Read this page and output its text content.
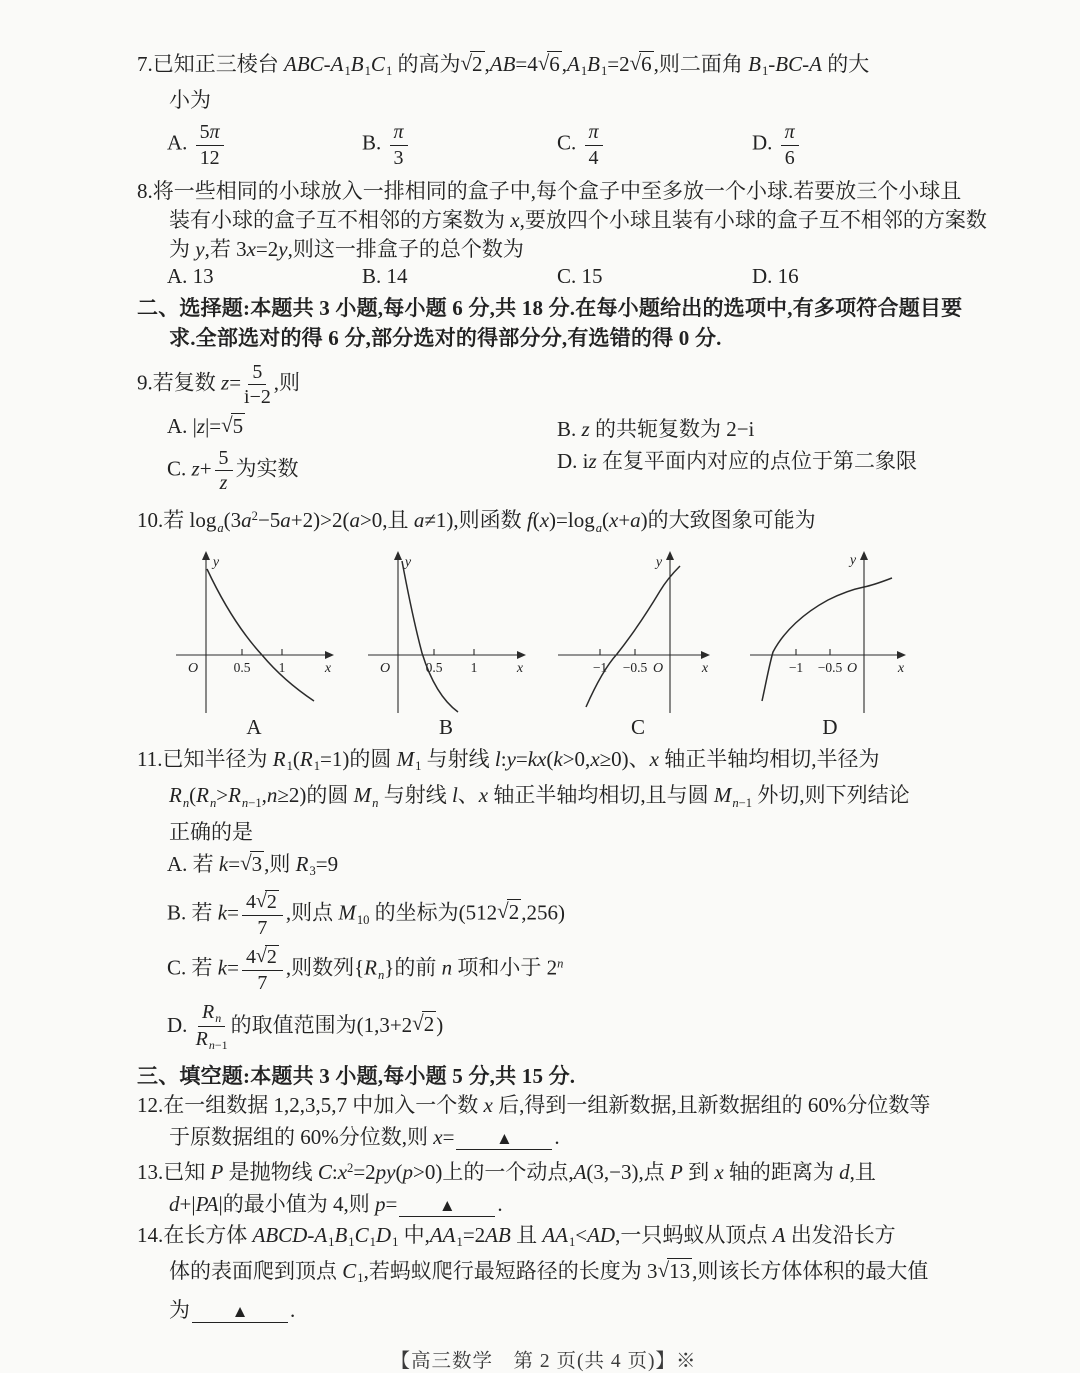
7.已知正三棱台 ABC-$A_1B_1C_1$ 的高为$√2,AB=4√6,A_1B_1=2√6$,则二面角 $B_1-BC-A$ 的大
小为
A. $\frac{5\pi}{12}$	B. $\frac{\pi}{3}$	C. $\frac{\pi}{4}$	D. $\frac{\pi}{6}$
8.将一些相同的小球放入一排相同的盒子中,每个盒子中至多放一个小球.若要放三个小球且
装有小球的盒子互不相邻的方案数为 x,要放四个小球且装有小球的盒子互不相邻的方案数
为 y,若 3x=2y,则这一排盒子的总个数为
A. 13	B. 14	C. 15	D. 16
二、选择题:本题共 3 小题,每小题 6 分,共 18 分.在每小题给出的选项中,有多项符合题目要
求.全部选对的得 6 分,部分选对的得部分分,有选错的得 0 分.
9.若复数 $z= \frac{5}{i-2}$ ,则
A. |z|=√5	B. z 的共轭复数为 2−i
C. $z+ \frac{5}{z}$ 为实数	D. iz 在复平面内对应的点位于第二象限
10.若 $\log_a(3a^2-5a+2)>2(a>0$,且 a≠1),则函数 $f(x)=\log_a(x+a)$的大致图象可能为
0.5 1
O	x
y
A
0.5 1
O	x
y
B
−1 −0.5 O	x
y
C
−1 −0.5 O	x
y
D
11.已知半径为 $R_1(R_1=1)$的圆 $M_1$ 与射线 l:y=kx(k>0,x≥0)、x 轴正半轴均相切,半径为
$R_n(R_n>R_{n-1},n\ge 2)$的圆 $M_n$ 与射线 l、x 轴正半轴均相切,且与圆 $M_{n-1}$ 外切,则下列结论
正确的是
A. 若 k=√3,则 $R_3=9$
B. 若 $k= \frac{4√2}{7}$ ,则点 $M_{10}$ 的坐标为(512√2,256)
C. 若 $k= \frac{4√2}{7}$ ,则数列$\{R_n\}$的前 n 项和小于 2$^n$
D. $\frac{R_n}{R_{n-1}}$ 的取值范围为(1,3+2√2)
三、填空题:本题共 3 小题,每小题 5 分,共 15 分.
12.在一组数据 1,2,3,5,7 中加入一个数 x 后,得到一组新数据,且新数据组的 60%分位数等
于原数据组的 60%分位数,则 x= ▲ .
13.已知 P 是抛物线 $C:x^2=2py(p>0)$上的一个动点,A(3,−3),点 P 到 x 轴的距离为 d,且
d+|PA|的最小值为 4,则 p= ▲ .
14.在长方体 ABCD-$A_1B_1C_1D_1$ 中$,AA_1=2AB$ 且 $AA_1<AD$,一只蚂蚁从顶点 A 出发沿长方
体的表面爬到顶点 $C_1$,若蚂蚁爬行最短路径的长度为 3√13,则该长方体体积的最大值
为 ▲ .
【高三数学　第 2 页(共 4 页)】※
